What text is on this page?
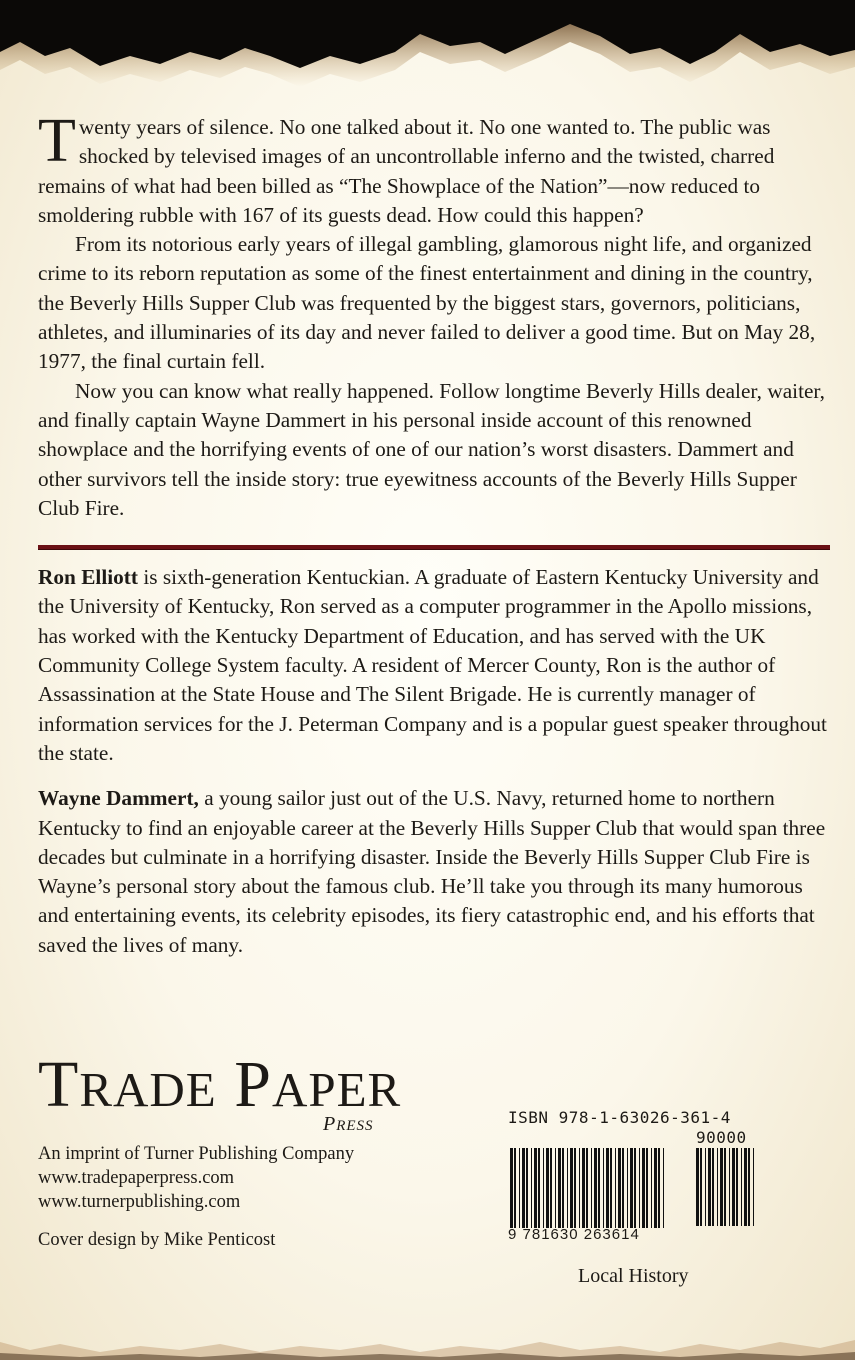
Twenty years of silence. No one talked about it. No one wanted to. The public was shocked by televised images of an uncontrollable inferno and the twisted, charred remains of what had been billed as “The Showplace of the Nation”—now reduced to smoldering rubble with 167 of its guests dead. How could this happen?

From its notorious early years of illegal gambling, glamorous night life, and organized crime to its reborn reputation as some of the finest entertainment and dining in the country, the Beverly Hills Supper Club was frequented by the biggest stars, governors, politicians, athletes, and illuminaries of its day and never failed to deliver a good time. But on May 28, 1977, the final curtain fell.

Now you can know what really happened. Follow longtime Beverly Hills dealer, waiter, and finally captain Wayne Dammert in his personal inside account of this renowned showplace and the horrifying events of one of our nation’s worst disasters. Dammert and other survivors tell the inside story: true eyewitness accounts of the Beverly Hills Supper Club Fire.

Ron Elliott is sixth-generation Kentuckian. A graduate of Eastern Kentucky University and the University of Kentucky, Ron served as a computer programmer in the Apollo missions, has worked with the Kentucky Department of Education, and has served with the UK Community College System faculty. A resident of Mercer County, Ron is the author of Assassination at the State House and The Silent Brigade. He is currently manager of information services for the J. Peterman Company and is a popular guest speaker throughout the state.

Wayne Dammert, a young sailor just out of the U.S. Navy, returned home to northern Kentucky to find an enjoyable career at the Beverly Hills Supper Club that would span three decades but culminate in a horrifying disaster. Inside the Beverly Hills Supper Club Fire is Wayne’s personal story about the famous club. He’ll take you through its many humorous and entertaining events, its celebrity episodes, its fiery catastrophic end, and his efforts that saved the lives of many.

TRADE PAPER
PRESS
An imprint of Turner Publishing Company
www.tradepaperpress.com
www.turnerpublishing.com
Cover design by Mike Penticost
ISBN 978-1-63026-361-4
90000
9 781630 263614
Local History
